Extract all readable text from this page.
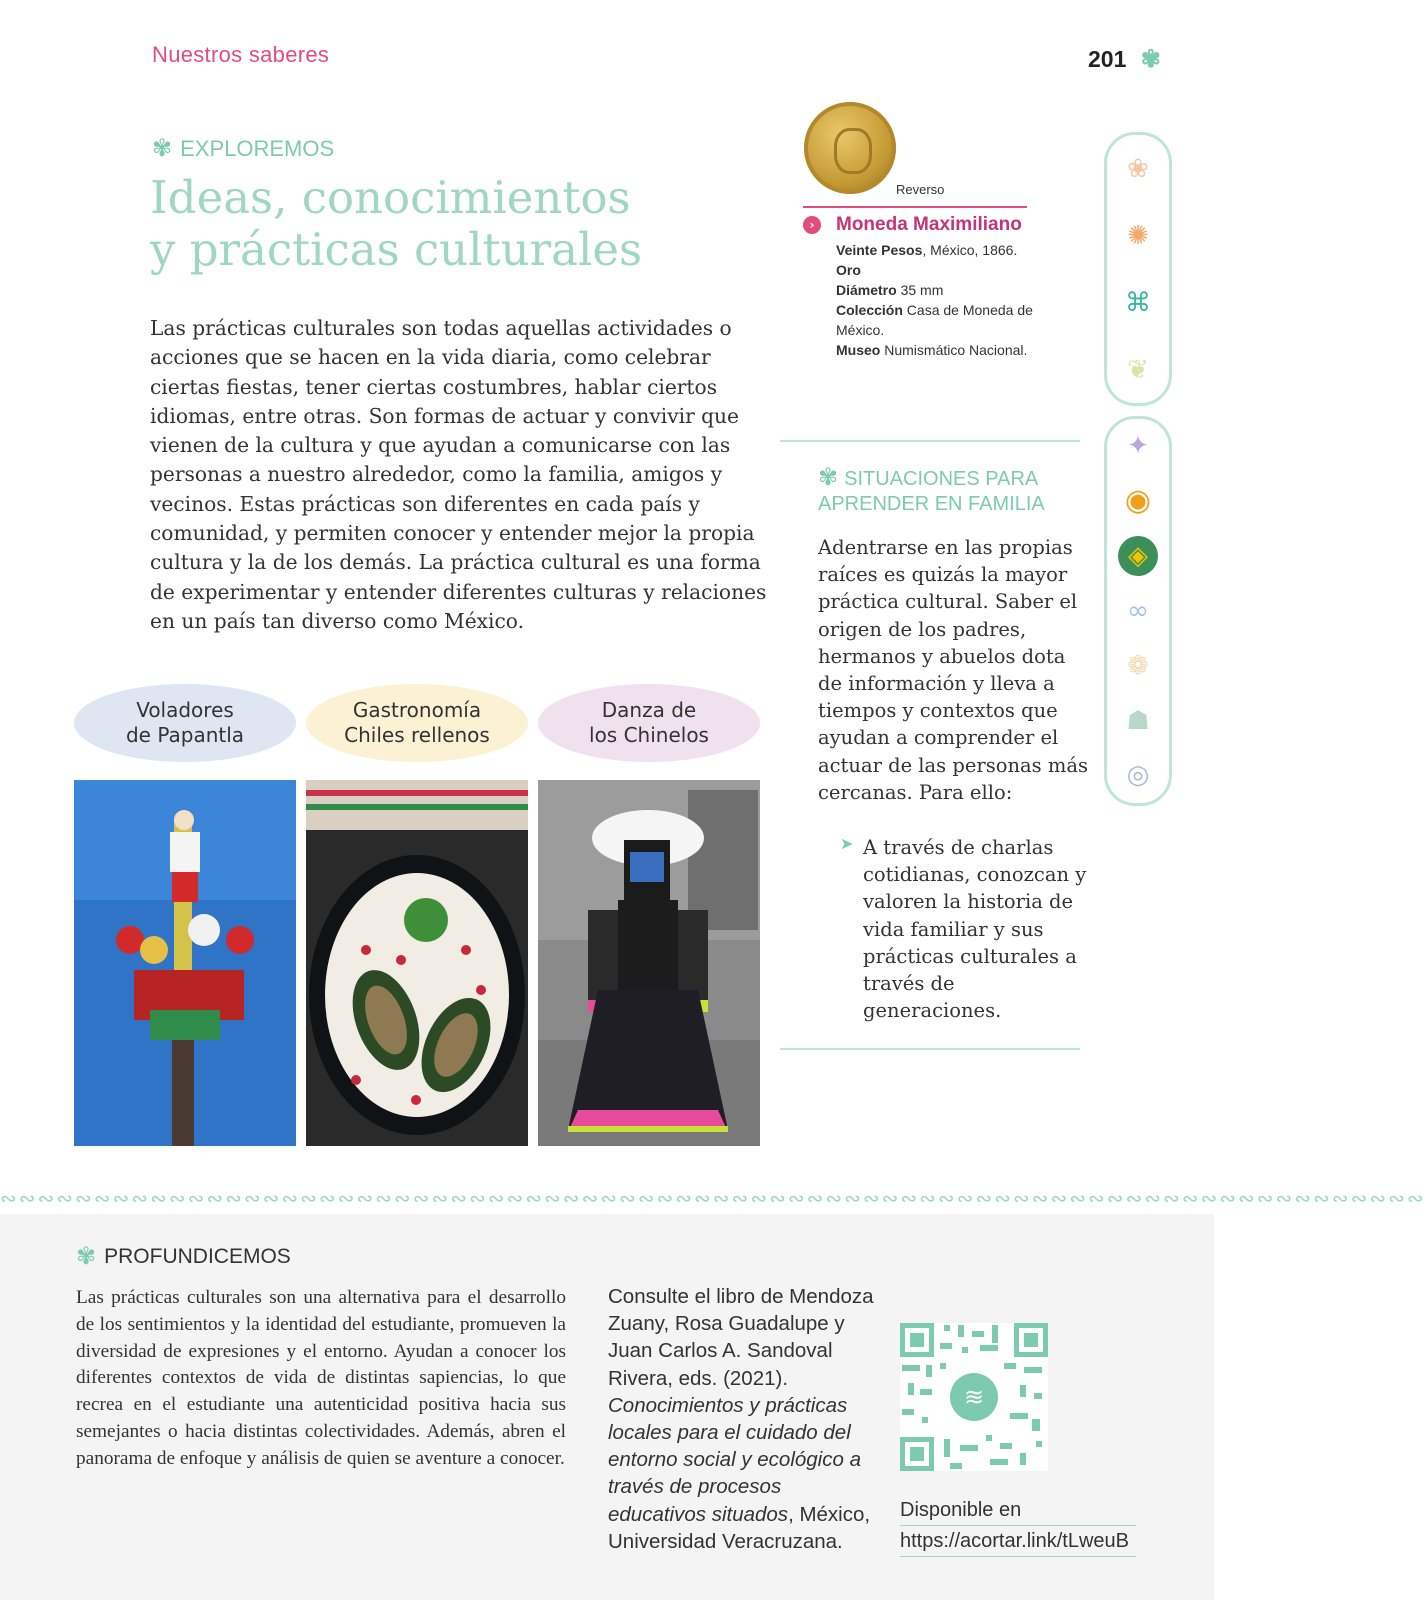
Nuestros saberes	201 ✾
✾ EXPLOREMOS
Ideas, conocimientos
y prácticas culturales
Las prácticas culturales son todas aquellas actividades o acciones que se hacen en la vida diaria, como celebrar ciertas fiestas, tener ciertas costumbres, hablar ciertos idiomas, entre otras. Son formas de actuar y convivir que vienen de la cultura y que ayudan a comunicarse con las personas a nuestro alrededor, como la familia, amigos y vecinos. Estas prácticas son diferentes en cada país y comunidad, y permiten conocer y entender mejor la propia cultura y la de los demás. La práctica cultural es una forma de experimentar y entender diferentes culturas y relaciones en un país tan diverso como México.
Voladores
de Papantla
Gastronomía
Chiles rellenos
Danza de
los Chinelos
Reverso
›	Moneda Maximiliano
Veinte Pesos, México, 1866.
Oro
Diámetro 35 mm
Colección Casa de Moneda de México.
Museo Numismático Nacional.
✾ SITUACIONES PARA APRENDER EN FAMILIA
Adentrarse en las propias raíces es quizás la mayor práctica cultural. Saber el origen de los padres, hermanos y abuelos dota de información y lleva a tiempos y contextos que ayudan a comprender el actuar de las personas más cercanas. Para ello:
➤ A través de charlas cotidianas, conozcan y valoren la historia de vida familiar y sus prácticas culturales a través de generaciones.
❀
✺
⌘
❦
✦
◉
◈
∞
❁
☗
◎
∾∾∾∾∾∾∾∾∾∾∾∾∾∾∾∾∾∾∾∾∾∾∾∾∾∾∾∾∾∾∾∾∾∾∾∾∾∾∾∾∾∾∾∾∾∾∾∾∾∾∾∾∾∾∾∾∾∾∾∾∾∾∾∾∾∾∾∾∾∾∾∾∾∾∾∾
✾ PROFUNDICEMOS
Las prácticas culturales son una alternativa para el desarrollo de los sentimientos y la identidad del estudiante, promueven la diversidad de expresiones y el entorno. Ayudan a conocer los diferentes contextos de vida de distintas sapiencias, lo que recrea en el estudiante una autenticidad positiva hacia sus semejantes o hacia distintas colectividades. Además, abren el panorama de enfoque y análisis de quien se aventure a conocer.
Consulte el libro de Mendoza Zuany, Rosa Guadalupe y Juan Carlos A. Sandoval Rivera, eds. (2021). Conocimientos y prácticas locales para el cuidado del entorno social y ecológico a través de procesos educativos situados, México, Universidad Veracruzana.
≋
Disponible en
https://acortar.link/tLweuB
